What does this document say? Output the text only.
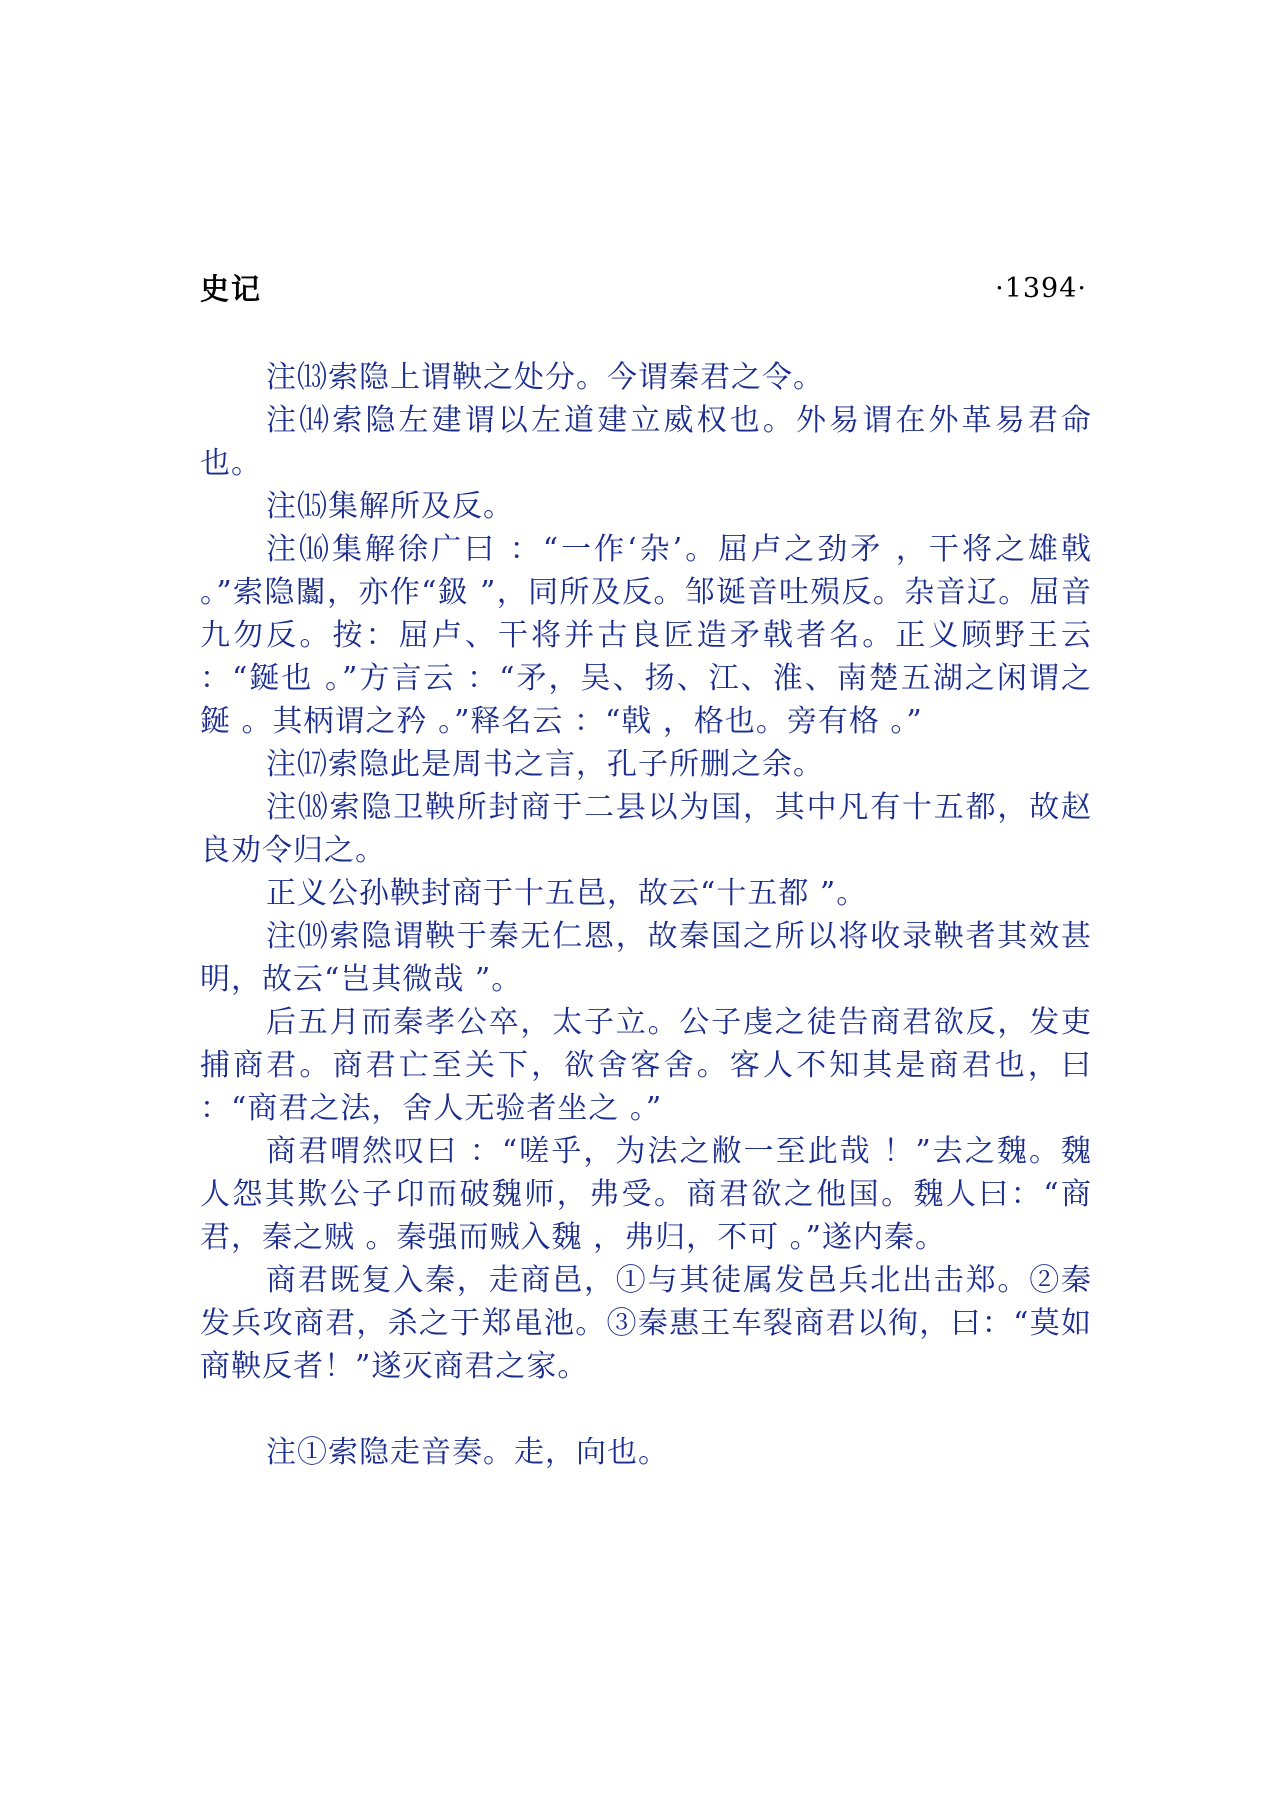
史记	·1394·

注⒀索隐上谓鞅之处分。今谓秦君之令。

注⒁索隐左建谓以左道建立威权也。外易谓在外革易君命也。

注⒂集解所及反。

注⒃集解徐广曰 ：“一作‘杂’。屈卢之劲矛 ，干将之雄戟 。”索隐闟，亦作“鈒 ”，同所及反。邹诞音吐殒反。杂音辽。屈音九勿反。按：屈卢、干将并古良匠造矛戟者名。正义顾野王云 ：“鋋也 。”方言云 ：“矛，吴、扬、江、淮、南楚五湖之闲谓之鋋 。其柄谓之矜 。”释名云 ：“戟 ，格也。旁有格 。”

注⒄索隐此是周书之言，孔子所删之余。

注⒅索隐卫鞅所封商于二县以为国，其中凡有十五都，故赵良劝令归之。

正义公孙鞅封商于十五邑，故云“十五都 ”。

注⒆索隐谓鞅于秦无仁恩，故秦国之所以将收录鞅者其效甚明，故云“岂其微哉 ”。

后五月而秦孝公卒，太子立。公子虔之徒告商君欲反，发吏捕商君。商君亡至关下，欲舍客舍。客人不知其是商君也，曰 ：“商君之法，舍人无验者坐之 。”

商君喟然叹曰 ：“嗟乎，为法之敝一至此哉 ！”去之魏。魏人怨其欺公子卬而破魏师，弗受。商君欲之他国。魏人曰：“商君，秦之贼 。秦强而贼入魏 ，弗归，不可 。”遂内秦。

商君既复入秦，走商邑，①与其徒属发邑兵北出击郑。②秦发兵攻商君，杀之于郑黾池。③秦惠王车裂商君以徇，曰：“莫如商鞅反者！”遂灭商君之家。

注①索隐走音奏。走，向也。
